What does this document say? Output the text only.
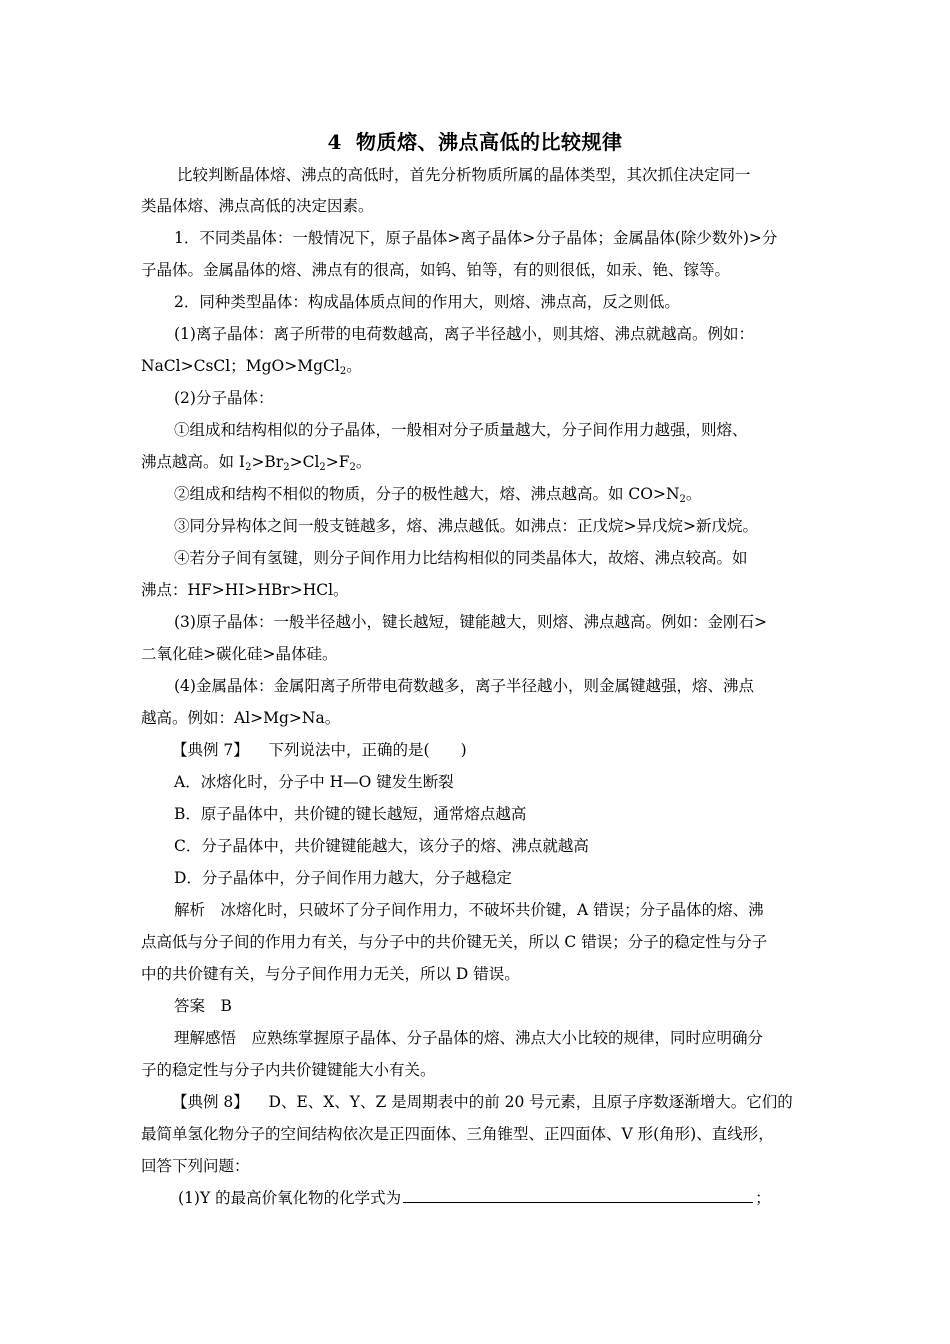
4 物质熔、沸点高低的比较规律
比较判断晶体熔、沸点的高低时，首先分析物质所属的晶体类型，其次抓住决定同一
类晶体熔、沸点高低的决定因素。
1．不同类晶体：一般情况下，原子晶体>离子晶体>分子晶体；金属晶体(除少数外)>分
子晶体。金属晶体的熔、沸点有的很高，如钨、铂等，有的则很低，如汞、铯、镓等。
2．同种类型晶体：构成晶体质点间的作用大，则熔、沸点高，反之则低。
(1)离子晶体：离子所带的电荷数越高，离子半径越小，则其熔、沸点就越高。例如：
NaCl>CsCl；MgO>MgCl$_2$。
(2)分子晶体：
①组成和结构相似的分子晶体，一般相对分子质量越大，分子间作用力越强，则熔、
沸点越高。如 $I_2>Br_2>Cl_2>F_2$。
②组成和结构不相似的物质，分子的极性越大，熔、沸点越高。如 $CO>N_2$。
③同分异构体之间一般支链越多，熔、沸点越低。如沸点：正戊烷>异戊烷>新戊烷。
④若分子间有氢键，则分子间作用力比结构相似的同类晶体大，故熔、沸点较高。如
沸点：HF>HI>HBr>HCl。
(3)原子晶体：一般半径越小，键长越短，键能越大，则熔、沸点越高。例如：金刚石>
二氧化硅>碳化硅>晶体硅。
(4)金属晶体：金属阳离子所带电荷数越多，离子半径越小，则金属键越强，熔、沸点
越高。例如：Al>Mg>Na。
【典例 7】 下列说法中，正确的是(　　)
A．冰熔化时，分子中 H—O 键发生断裂
B．原子晶体中，共价键的键长越短，通常熔点越高
C．分子晶体中，共价键键能越大，该分子的熔、沸点就越高
D．分子晶体中，分子间作用力越大，分子越稳定
解析　冰熔化时，只破坏了分子间作用力，不破坏共价键，A 错误；分子晶体的熔、沸
点高低与分子间的作用力有关，与分子中的共价键无关，所以 C 错误；分子的稳定性与分子
中的共价键有关，与分子间作用力无关，所以 D 错误。
答案　B
理解感悟　应熟练掌握原子晶体、分子晶体的熔、沸点大小比较的规律，同时应明确分
子的稳定性与分子内共价键键能大小有关。
【典例 8】 D、E、X、Y、Z 是周期表中的前 20 号元素，且原子序数逐渐增大。它们的
最简单氢化物分子的空间结构依次是正四面体、三角锥型、正四面体、V 形(角形)、直线形，
回答下列问题：
(1)Y 的最高价氧化物的化学式为	；
